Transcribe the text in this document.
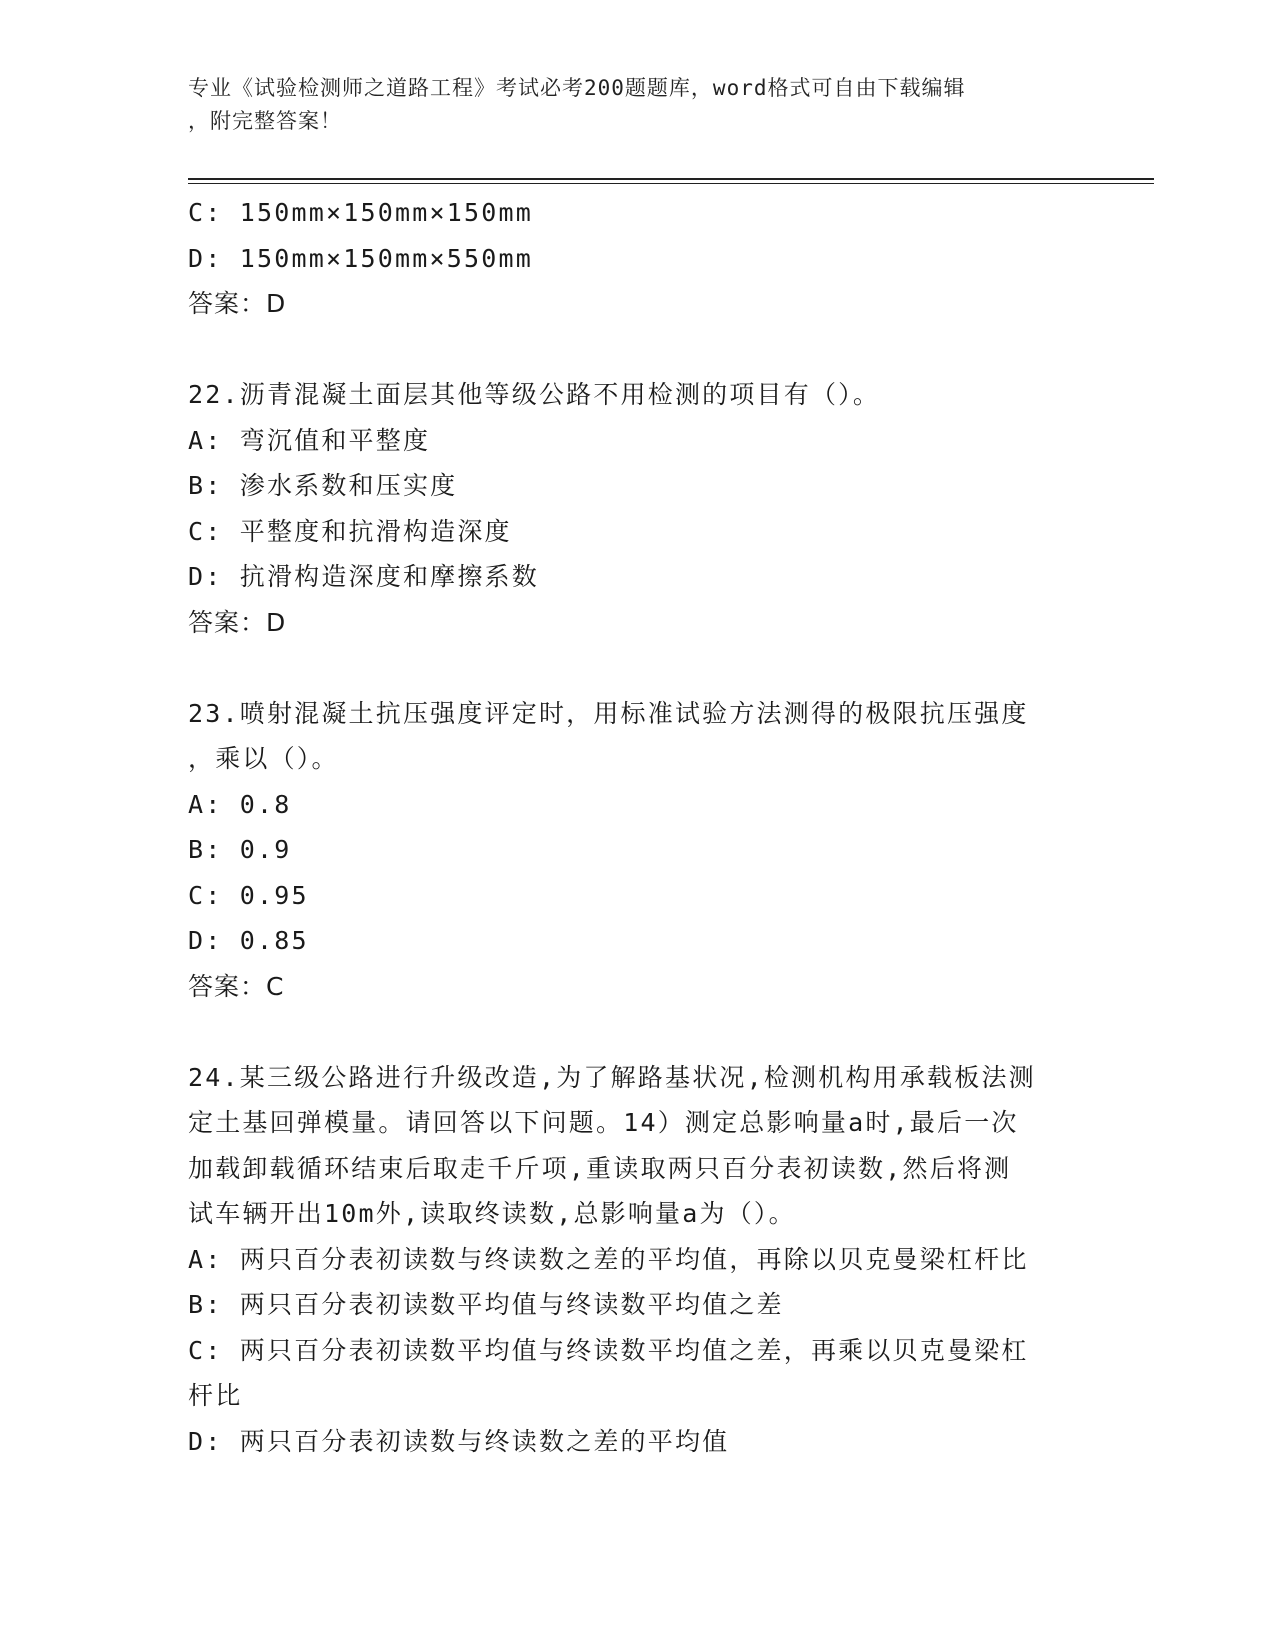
专业《试验检测师之道路工程》考试必考200题题库，word格式可自由下载编辑
，附完整答案！
C: 150mm×150mm×150mm
D: 150mm×150mm×550mm
答案：D
22.沥青混凝土面层其他等级公路不用检测的项目有（）。
A: 弯沉值和平整度
B: 渗水系数和压实度
C: 平整度和抗滑构造深度
D: 抗滑构造深度和摩擦系数
答案：D
23.喷射混凝土抗压强度评定时，用标准试验方法测得的极限抗压强度
，乘以（）。
A: 0.8
B: 0.9
C: 0.95
D: 0.85
答案：C
24.某三级公路进行升级改造,为了解路基状况,检测机构用承载板法测
定土基回弹模量。请回答以下问题。14）测定总影响量a时,最后一次
加载卸载循环结束后取走千斤项,重读取两只百分表初读数,然后将测
试车辆开出10m外,读取终读数,总影响量a为（）。
A: 两只百分表初读数与终读数之差的平均值，再除以贝克曼梁杠杆比
B: 两只百分表初读数平均值与终读数平均值之差
C: 两只百分表初读数平均值与终读数平均值之差，再乘以贝克曼梁杠
杆比
D: 两只百分表初读数与终读数之差的平均值
